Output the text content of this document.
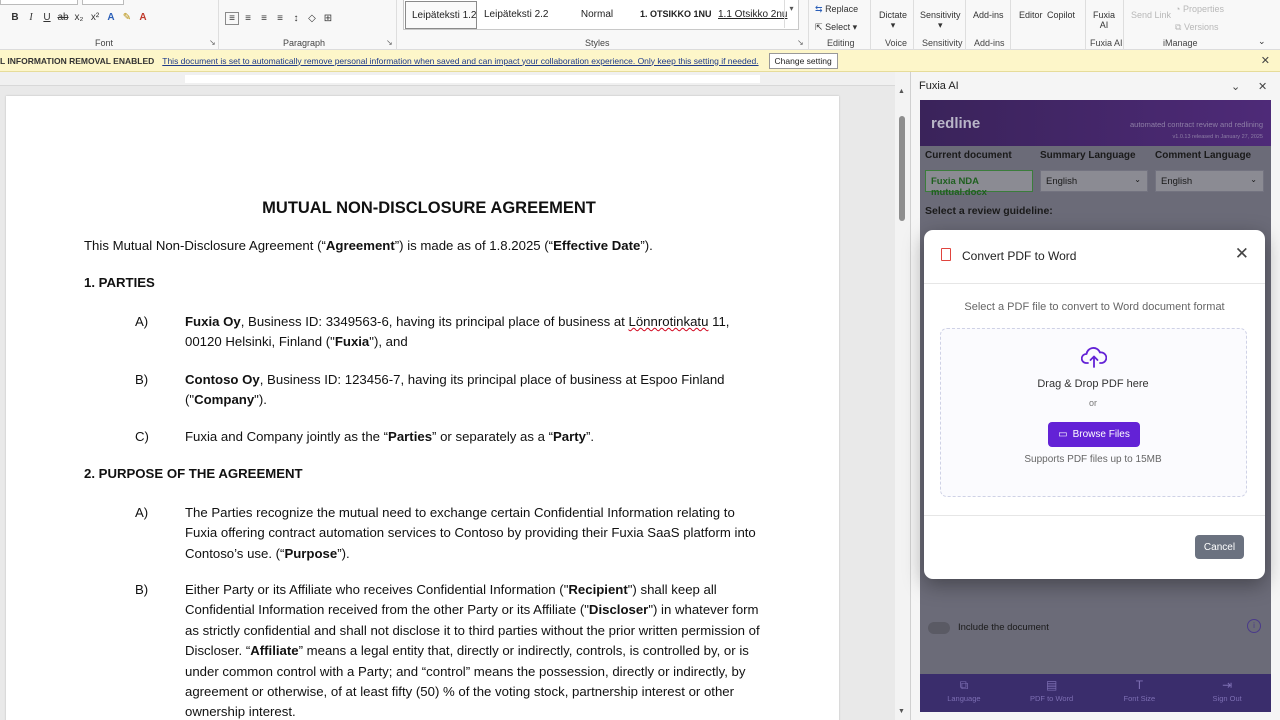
B	I	U ab x₂ x² A ✎ A	≡	≡	≡	≡	↕ ◇ ⊞
Font	↘	Paragraph	↘
Leipäteksti 1.2 Leipäteksti 2.2	Normal	1. OTSIKKO 1NU 1.1 Otsikko 2nu ▾
Styles	↘
⇆ Replace
⇱ Select ▾
Editing
Dictate
▾
Voice
Sensitivity
▾
Sensitivity
Add-ins
Add-ins
Editor Copilot Fuxia AI
Fuxia AI
Send Link
◔ Properties
⧉ Versions
iManage	⌄
L INFORMATION REMOVAL ENABLED This document is set to automatically remove personal information when saved and can impact your collaboration experience. Only keep this setting if needed.	Change setting	✕
MUTUAL NON-DISCLOSURE AGREEMENT
This Mutual Non-Disclosure Agreement (“Agreement”) is made as of 1.8.2025 (“Effective Date”).
1. PARTIES
A)	Fuxia Oy, Business ID: 3349563-6, having its principal place of business at Lönnrotinkatu 11, 00120 Helsinki, Finland ("Fuxia"), and
B)	Contoso Oy, Business ID: 123456-7, having its principal place of business at Espoo Finland ("Company").
C)	Fuxia and Company jointly as the “Parties” or separately as a “Party”.
2. PURPOSE OF THE AGREEMENT
A)	The Parties recognize the mutual need to exchange certain Confidential Information relating to Fuxia offering contract automation services to Contoso by providing their Fuxia SaaS platform into Contoso’s use. (“Purpose”).
B)	Either Party or its Affiliate who receives Confidential Information ("Recipient") shall keep all Confidential Information received from the other Party or its Affiliate ("Discloser") in whatever form as strictly confidential and shall not disclose it to third parties without the prior written permission of Discloser. “Affiliate” means a legal entity that, directly or indirectly, controls, is controlled by, or is under common control with a Party; and “control” means the possession, directly or indirectly, by agreement or otherwise, of at least fifty (50) % of the voting stock, partnership interest or other ownership interest.
▲
▼
Fuxia AI	⌄ ✕
redline	automated contract review and redlining
v1.0.13 released in January 27, 2025
Current document	Summary Language Comment Language
Fuxia NDA mutual.docx
English	⌄	English	⌄
Select a review guideline:
Include the document	i
⧉
Language
▤
PDF to Word
T
Font Size
⇥
Sign Out
Convert PDF to Word	✕
Select a PDF file to convert to Word document format
Drag & Drop PDF here
or
▭ Browse Files
Supports PDF files up to 15MB
Cancel
